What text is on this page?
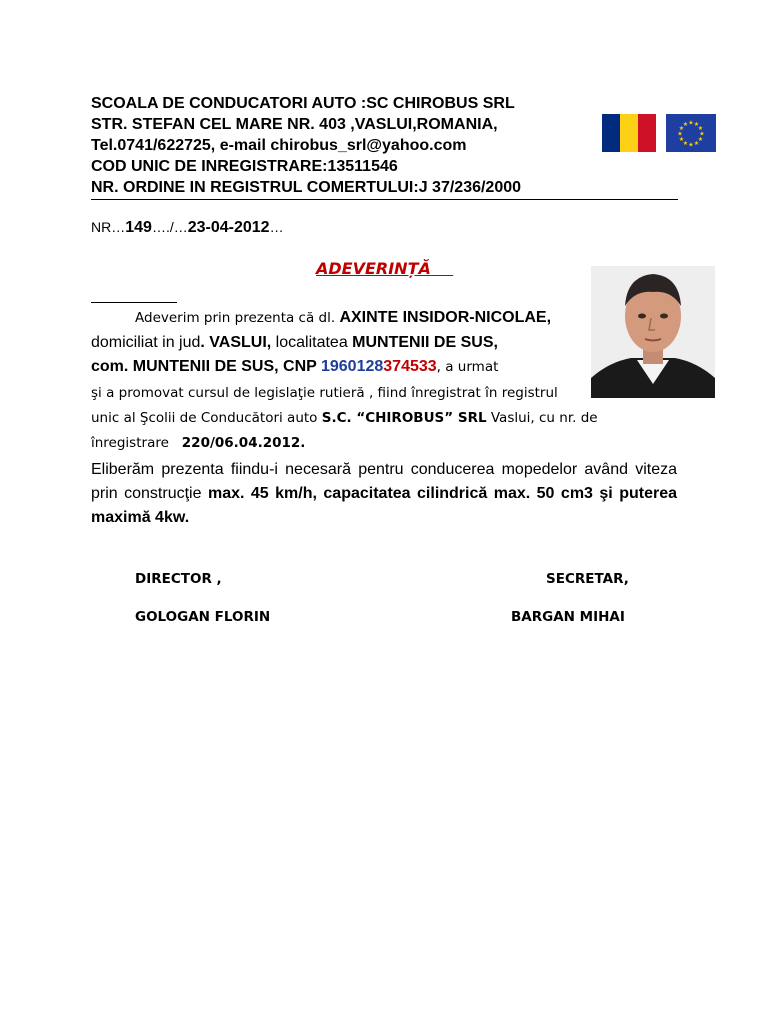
SCOALA DE CONDUCATORI AUTO :SC CHIROBUS SRL
STR. STEFAN CEL MARE NR. 403 ,VASLUI,ROMANIA,
Tel.0741/622725, e-mail chirobus_srl@yahoo.com
COD UNIC DE INREGISTRARE:13511546
NR. ORDINE IN REGISTRUL COMERTULUI:J 37/236/2000
★ ★
★
★
★
★
★
★
★
★
★
★
NR…149…./…23-04-2012…
ADEVERINȚĂ
Adeverim prin prezenta că dl. AXINTE INSIDOR-NICOLAE,
domiciliat in jud. VASLUI, localitatea MUNTENII DE SUS,
com. MUNTENII DE SUS, CNP 1960128374533, a urmat
şi a promovat cursul de legislaţie rutieră , fiind înregistrat în registrul
unic al Şcolii de Conducători auto S.C. “CHIROBUS” SRL Vaslui, cu nr. de
înregistrare   220/06.04.2012.
Eliberăm prezenta fiindu-i necesară pentru conducerea mopedelor având viteza prin construcţie max. 45 km/h, capacitatea cilindrică max. 50 cm3 şi puterea maximă 4kw.
DIRECTOR ,
GOLOGAN FLORIN
SECRETAR,
BARGAN MIHAI
